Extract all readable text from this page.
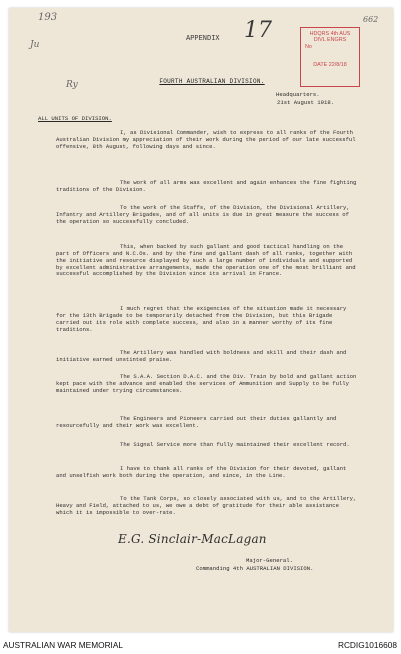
193
Ju
Ry
662
APPENDIX 17	HDQRS 4th AUS
DIVL ENGRS
No
DATE 22/8/18
FOURTH AUSTRALIAN DIVISION.
Headquarters.
21st August 1918.
ALL UNITS OF DIVISION.
I, as Divisional Commander, wish to express to all ranks of the Fourth Australian Division my appreciation of their work during the period of our late successful offensive, 8th August, following days and since.
The work of all arms was excellent and again enhances the fine fighting traditions of the Division.
To the work of the Staffs, of the Division, the Divisional Artillery, Infantry and Artillery Brigades, and of all units is due in great measure the success of the operation so successfully concluded.
This, when backed by such gallant and good tactical handling on the part of Officers and N.C.Os. and by the fine and gallant dash of all ranks, together with the initiative and resource displayed by such a large number of individuals and supported by excellent administrative arrangements, made the operation one of the most brilliant and successful accomplished by the Division since its arrival in France.
I much regret that the exigencies of the situation made it necessary for the 13th Brigade to be temporarily detached from the Division, but this Brigade carried out its role with complete success, and also in a manner worthy of its fine traditions.
The Artillery was handled with boldness and skill and their dash and initiative earned unstinted praise.
The S.A.A. Section D.A.C. and the Div. Train by bold and gallant action kept pace with the advance and enabled the services of Ammunition and Supply to be fully maintained under trying circumstances.
The Engineers and Pioneers carried out their duties gallantly and resourcefully and their work was excellent.
The Signal Service more than fully maintained their excellent record.
I have to thank all ranks of the Division for their devoted, gallant and unselfish work both during the operation, and since, in the Line.
To the Tank Corps, so closely associated with us, and to the Artillery, Heavy and Field, attached to us, we owe a debt of gratitude for their able assistance which it is impossible to over-rate.
E.G. Sinclair-MacLagan
Major-General.
Commanding 4th AUSTRALIAN DIVISION.
AUSTRALIAN WAR MEMORIAL	RCDIG1016608
